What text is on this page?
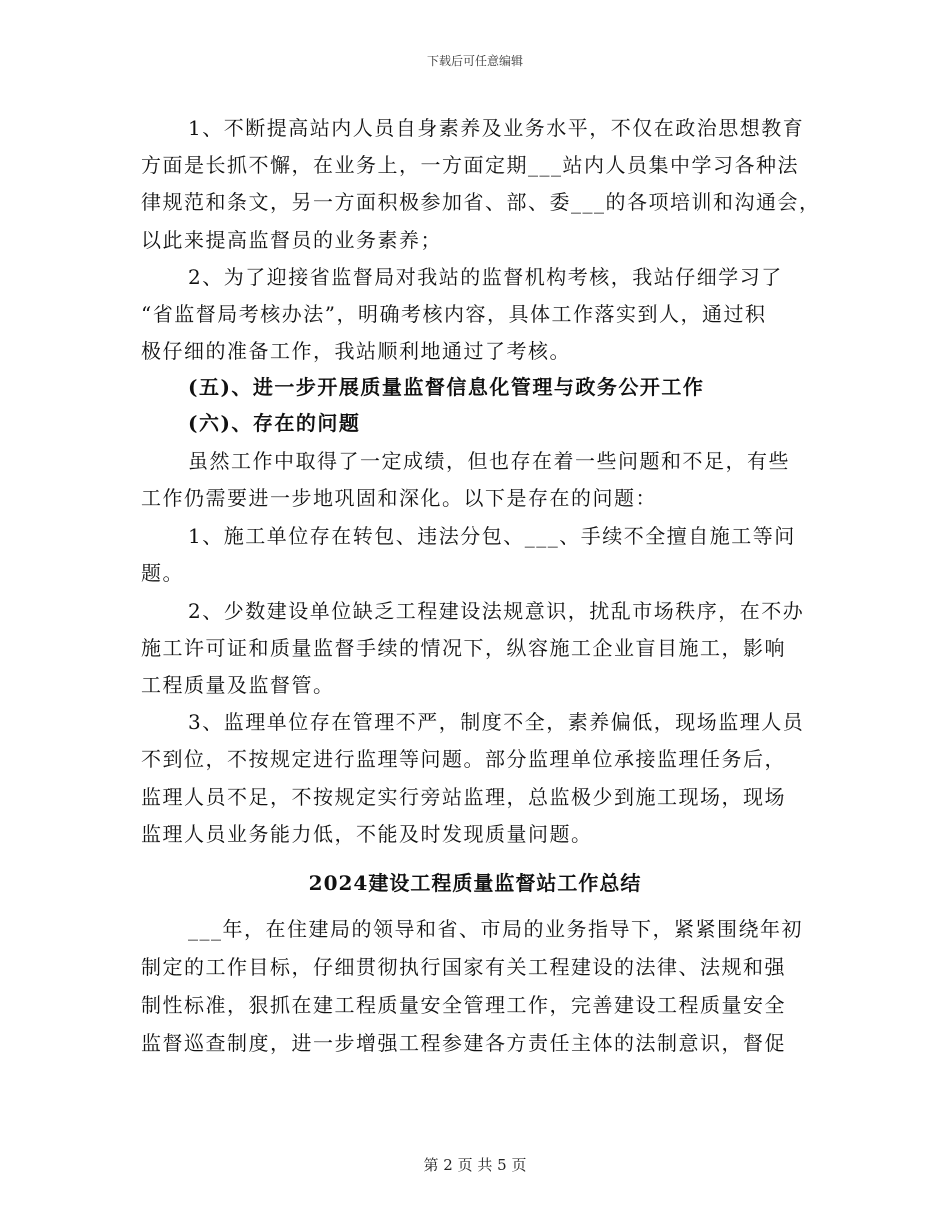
下载后可任意编辑
1、不断提高站内人员自身素养及业务水平，不仅在政治思想教育
方面是长抓不懈，在业务上，一方面定期___站内人员集中学习各种法
律规范和条文，另一方面积极参加省、部、委___的各项培训和沟通会，
以此来提高监督员的业务素养；
2、为了迎接省监督局对我站的监督机构考核，我站仔细学习了
“省监督局考核办法”，明确考核内容，具体工作落实到人，通过积
极仔细的准备工作，我站顺利地通过了考核。
(五)、进一步开展质量监督信息化管理与政务公开工作
(六)、存在的问题
虽然工作中取得了一定成绩，但也存在着一些问题和不足，有些
工作仍需要进一步地巩固和深化。以下是存在的问题：
1、施工单位存在转包、违法分包、___、手续不全擅自施工等问
题。
2、少数建设单位缺乏工程建设法规意识，扰乱市场秩序，在不办
施工许可证和质量监督手续的情况下，纵容施工企业盲目施工，影响
工程质量及监督管。
3、监理单位存在管理不严，制度不全，素养偏低，现场监理人员
不到位，不按规定进行监理等问题。部分监理单位承接监理任务后，
监理人员不足，不按规定实行旁站监理，总监极少到施工现场，现场
监理人员业务能力低，不能及时发现质量问题。
2024建设工程质量监督站工作总结
___年，在住建局的领导和省、市局的业务指导下，紧紧围绕年初
制定的工作目标，仔细贯彻执行国家有关工程建设的法律、法规和强
制性标准，狠抓在建工程质量安全管理工作，完善建设工程质量安全
监督巡查制度，进一步增强工程参建各方责任主体的法制意识，督促
第 2 页 共 5 页
